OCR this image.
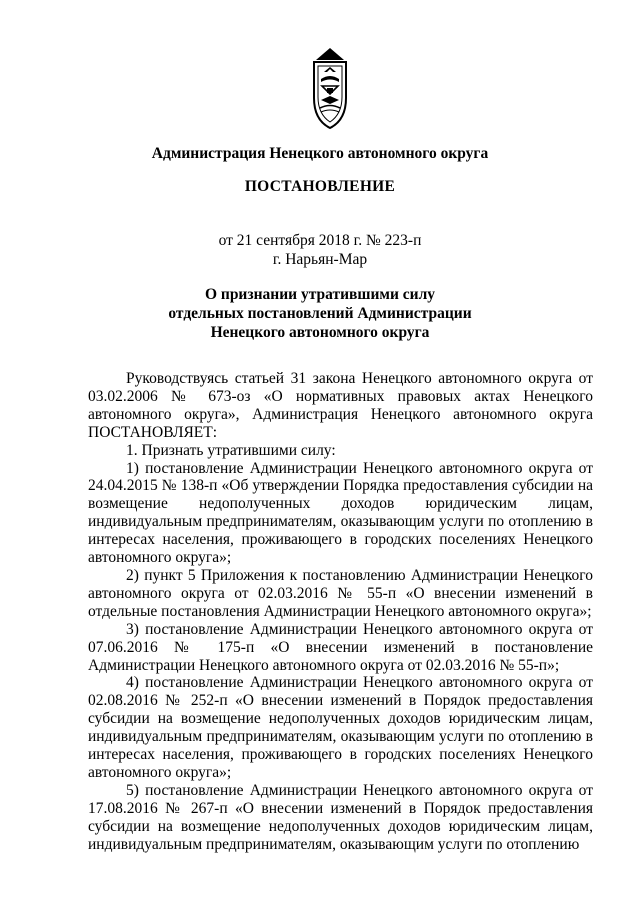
Администрация Ненецкого автономного округа
ПОСТАНОВЛЕНИЕ
от 21 сентября 2018 г. № 223-п
г. Нарьян-Мар
О признании утратившими силу
отдельных постановлений Администрации
Ненецкого автономного округа

Руководствуясь статьей 31 закона Ненецкого автономного округа от 03.02.2006 № 673-оз «О нормативных правовых актах Ненецкого автономного округа», Администрация Ненецкого автономного округа ПОСТАНОВЛЯЕТ:

1. Признать утратившими силу:

1) постановление Администрации Ненецкого автономного округа от 24.04.2015 № 138-п «Об утверждении Порядка предоставления субсидии на возмещение недополученных доходов юридическим лицам, индивидуальным предпринимателям, оказывающим услуги по отоплению в интересах населения, проживающего в городских поселениях Ненецкого автономного округа»;

2) пункт 5 Приложения к постановлению Администрации Ненецкого автономного округа от 02.03.2016 № 55-п «О внесении изменений в отдельные постановления Администрации Ненецкого автономного округа»;

3) постановление Администрации Ненецкого автономного округа от 07.06.2016 № 175-п «О внесении изменений в постановление Администрации Ненецкого автономного округа от 02.03.2016 № 55-п»;

4) постановление Администрации Ненецкого автономного округа от 02.08.2016 № 252-п «О внесении изменений в Порядок предоставления субсидии на возмещение недополученных доходов юридическим лицам, индивидуальным предпринимателям, оказывающим услуги по отоплению в интересах населения, проживающего в городских поселениях Ненецкого автономного округа»;

5) постановление Администрации Ненецкого автономного округа от 17.08.2016 № 267-п «О внесении изменений в Порядок предоставления субсидии на возмещение недополученных доходов юридическим лицам, индивидуальным предпринимателям, оказывающим услуги по отоплению
